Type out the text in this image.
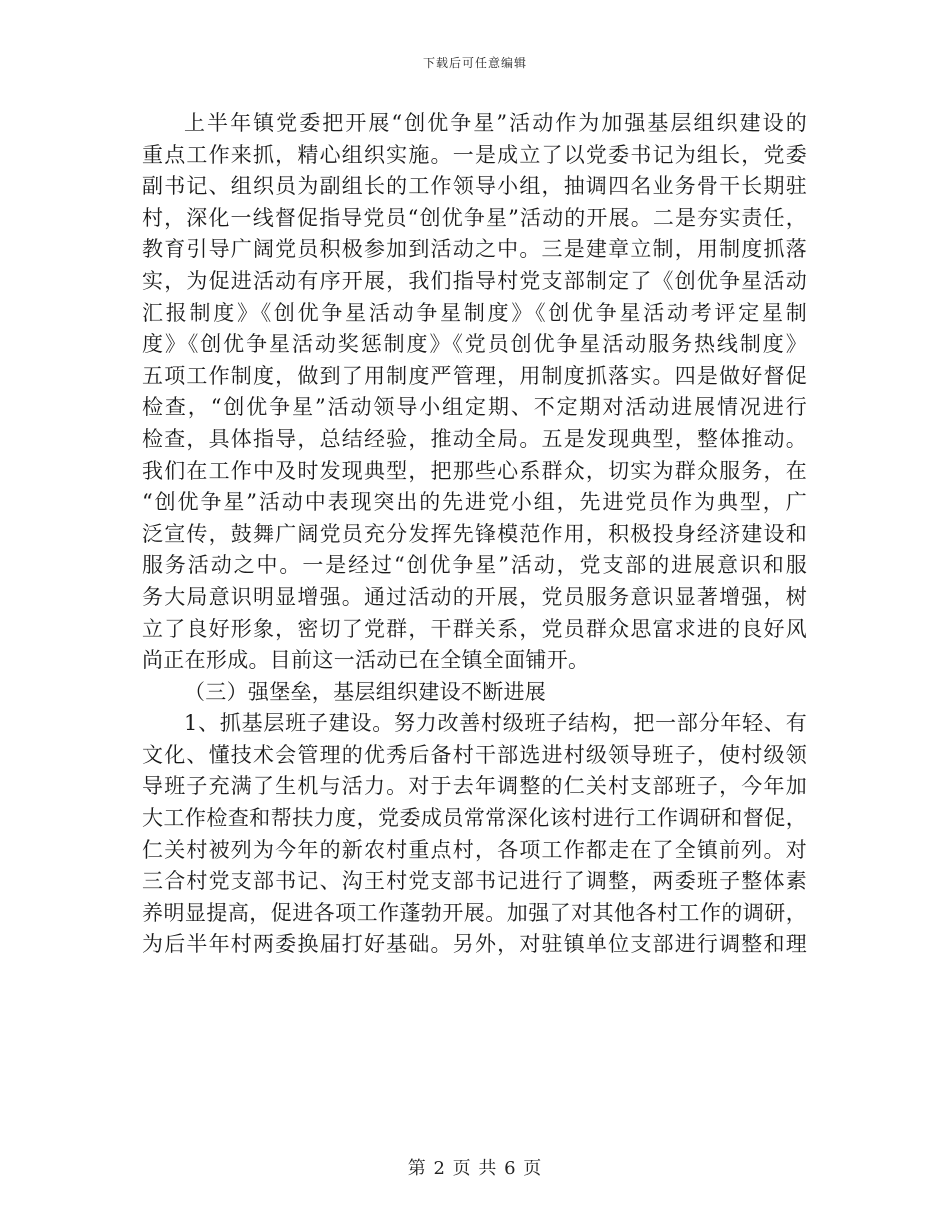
下载后可任意编辑
上半年镇党委把开展“创优争星”活动作为加强基层组织建设的
重点工作来抓，精心组织实施。一是成立了以党委书记为组长，党委
副书记、组织员为副组长的工作领导小组，抽调四名业务骨干长期驻
村，深化一线督促指导党员“创优争星”活动的开展。二是夯实责任，
教育引导广阔党员积极参加到活动之中。三是建章立制，用制度抓落
实，为促进活动有序开展，我们指导村党支部制定了《创优争星活动
汇报制度》《创优争星活动争星制度》《创优争星活动考评定星制
度》《创优争星活动奖惩制度》《党员创优争星活动服务热线制度》
五项工作制度，做到了用制度严管理，用制度抓落实。四是做好督促
检查，“创优争星”活动领导小组定期、不定期对活动进展情况进行
检查，具体指导，总结经验，推动全局。五是发现典型，整体推动。
我们在工作中及时发现典型，把那些心系群众，切实为群众服务，在
“创优争星”活动中表现突出的先进党小组，先进党员作为典型，广
泛宣传，鼓舞广阔党员充分发挥先锋模范作用，积极投身经济建设和
服务活动之中。一是经过“创优争星”活动，党支部的进展意识和服
务大局意识明显增强。通过活动的开展，党员服务意识显著增强，树
立了良好形象，密切了党群，干群关系，党员群众思富求进的良好风
尚正在形成。目前这一活动已在全镇全面铺开。
（三）强堡垒，基层组织建设不断进展
1、抓基层班子建设。努力改善村级班子结构，把一部分年轻、有
文化、懂技术会管理的优秀后备村干部选进村级领导班子，使村级领
导班子充满了生机与活力。对于去年调整的仁关村支部班子，今年加
大工作检查和帮扶力度，党委成员常常深化该村进行工作调研和督促，
仁关村被列为今年的新农村重点村，各项工作都走在了全镇前列。对
三合村党支部书记、沟王村党支部书记进行了调整，两委班子整体素
养明显提高，促进各项工作蓬勃开展。加强了对其他各村工作的调研，
为后半年村两委换届打好基础。另外，对驻镇单位支部进行调整和理
第 2 页 共 6 页
